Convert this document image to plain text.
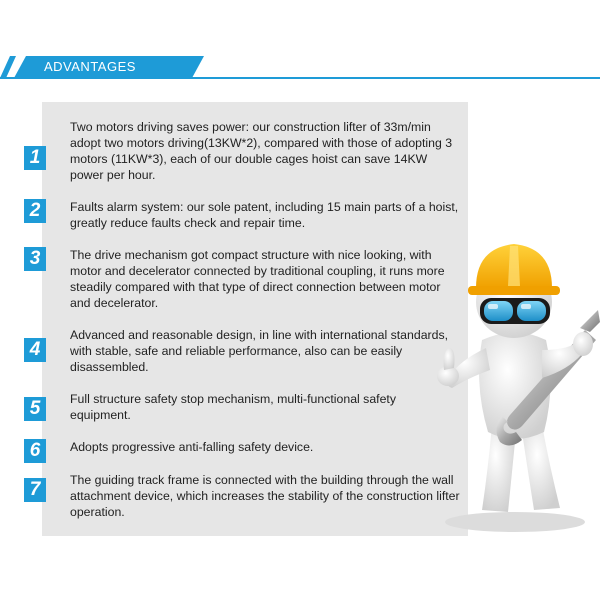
ADVANTAGES
1
Two motors driving saves power: our construction lifter of 33m/min adopt two motors driving(13KW*2), compared with those of adopting 3 motors (11KW*3), each of our double cages hoist can save 14KW power per hour.
2	Faults alarm system: our sole patent, including 15 main parts of a hoist, greatly reduce faults check and repair time.
3	The drive mechanism got compact structure with nice looking, with motor and decelerator connected by traditional coupling, it runs more steadily compared with that type of direct connection between motor and decelerator.
4
Advanced and reasonable design, in line with international standards, with stable, safe and reliable performance, also can be easily disassembled.
5	Full structure safety stop mechanism, multi-functional safety equipment.
6	Adopts progressive anti-falling safety device.
7	The guiding track frame is connected with the building through the wall attachment device, which increases the stability of the construction lifter operation.
